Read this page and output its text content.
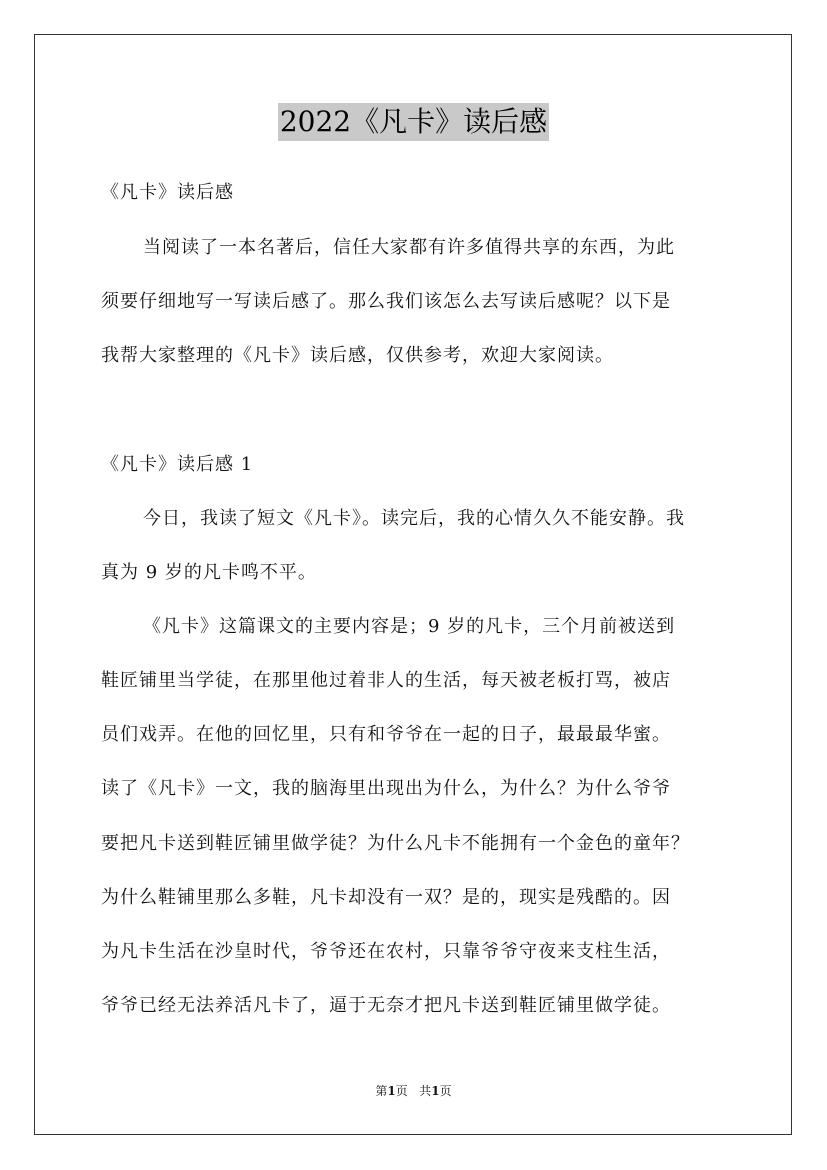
2022《凡卡》读后感
《凡卡》读后感
当阅读了一本名著后，信任大家都有许多值得共享的东西，为此
须要仔细地写一写读后感了。那么我们该怎么去写读后感呢？以下是
我帮大家整理的《凡卡》读后感，仅供参考，欢迎大家阅读。
《凡卡》读后感 1
今日，我读了短文《凡卡》。读完后，我的心情久久不能安静。我
真为 9 岁的凡卡鸣不平。
《凡卡》这篇课文的主要内容是；9 岁的凡卡，三个月前被送到
鞋匠铺里当学徒，在那里他过着非人的生活，每天被老板打骂，被店
员们戏弄。在他的回忆里，只有和爷爷在一起的日子，最最最华蜜。
读了《凡卡》一文，我的脑海里出现出为什么，为什么？为什么爷爷
要把凡卡送到鞋匠铺里做学徒？为什么凡卡不能拥有一个金色的童年？
为什么鞋铺里那么多鞋，凡卡却没有一双？是的，现实是残酷的。因
为凡卡生活在沙皇时代，爷爷还在农村，只靠爷爷守夜来支柱生活，
爷爷已经无法养活凡卡了，逼于无奈才把凡卡送到鞋匠铺里做学徒。
第1页 共1页
